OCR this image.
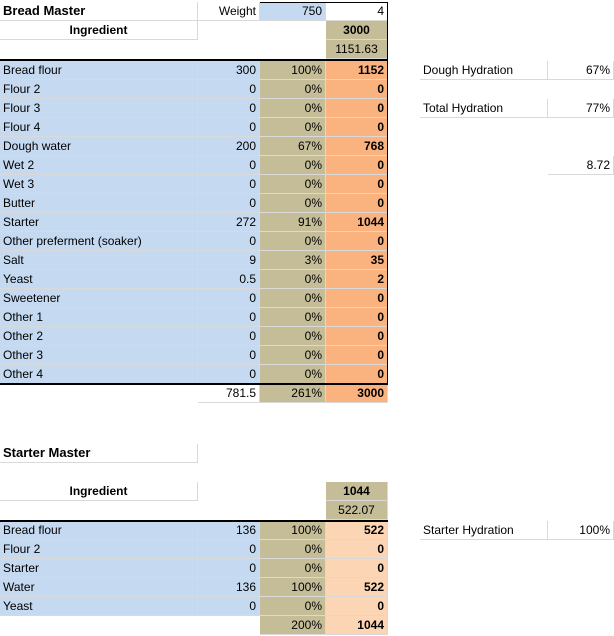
Bread Master	Weight	750	4
Ingredient	3000
1151.63
Bread flour	300	100%	1152
Flour 2	0	0%	0
Flour 3	0	0%	0
Flour 4	0	0%	0
Dough water	200	67%	768
Wet 2	0	0%	0
Wet 3	0	0%	0
Butter	0	0%	0
Starter	272	91%	1044
Other preferment (soaker)	0	0%	0
Salt	9	3%	35
Yeast	0.5	0%	2
Sweetener	0	0%	0
Other 1	0	0%	0
Other 2	0	0%	0
Other 3	0	0%	0
Other 4	0	0%	0
781.5	261%	3000
Dough Hydration	67%
Total Hydration	77%
8.72
Starter Master
Ingredient	1044
522.07
Bread flour	136	100%	522
Flour 2	0	0%	0
Starter	0	0%	0
Water	136	100%	522
Yeast	0	0%	0
200%	1044
Starter Hydration	100%
